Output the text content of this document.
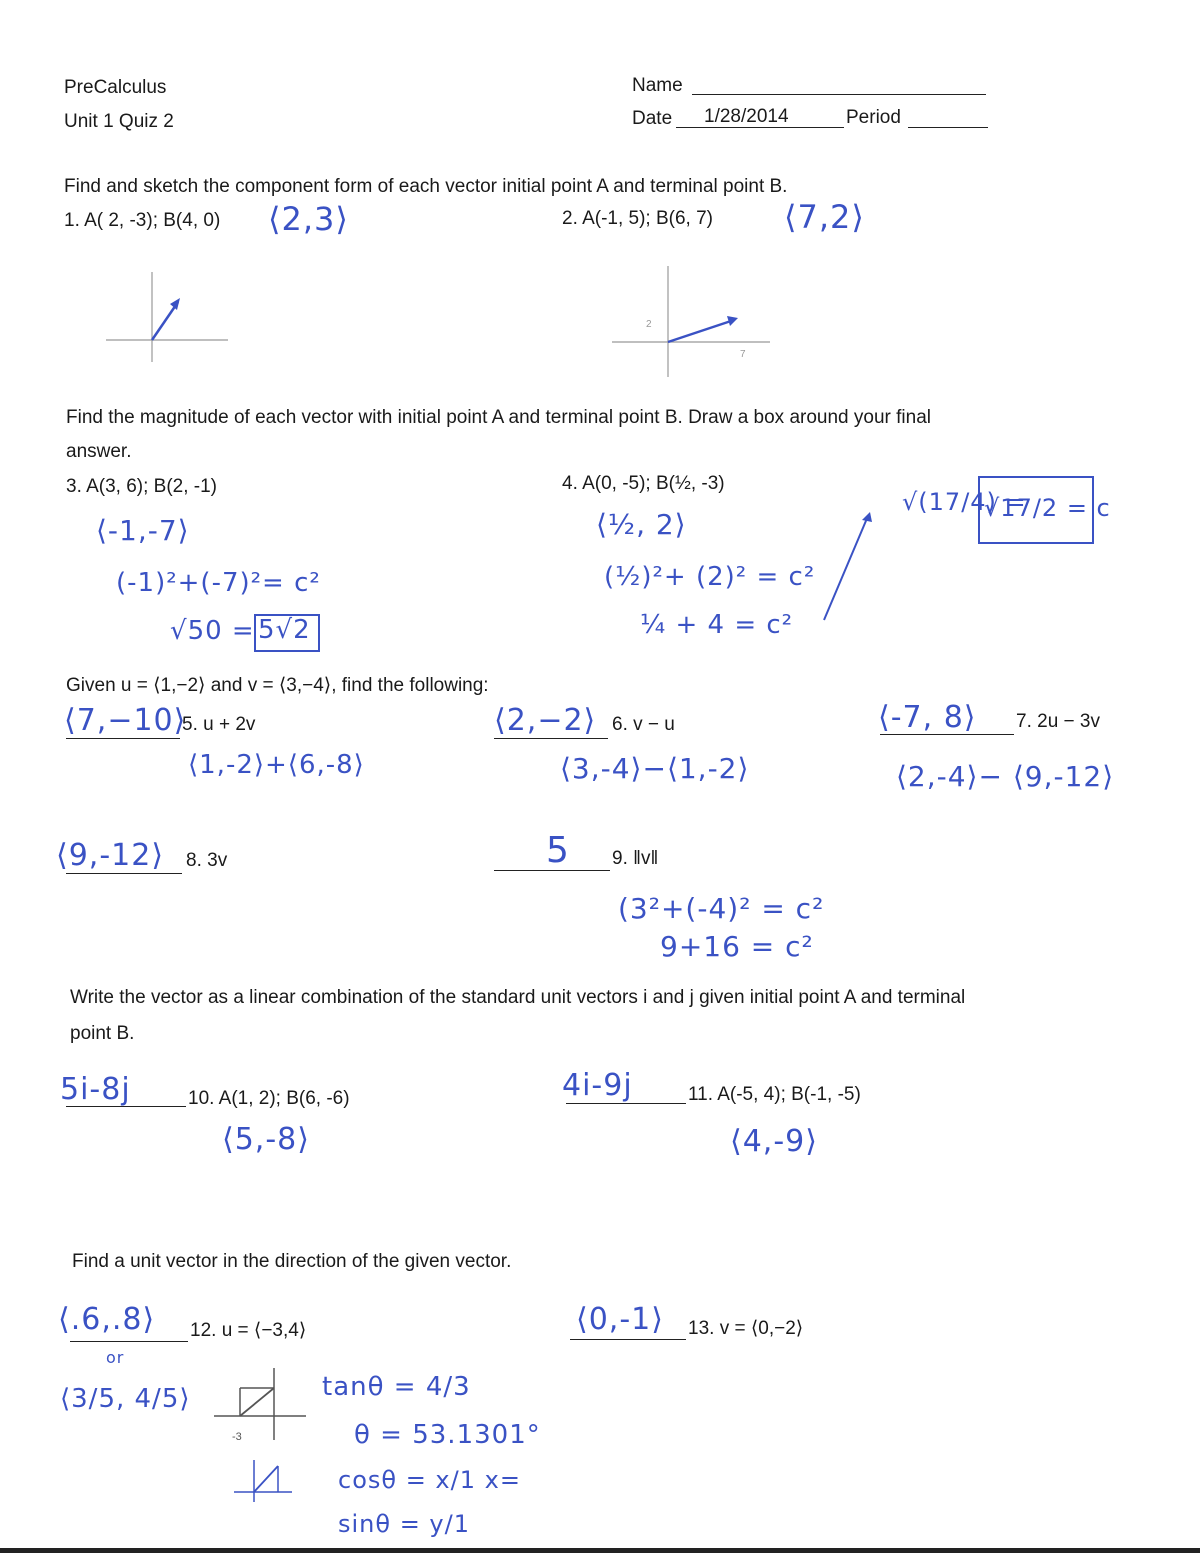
PreCalculus
Unit 1 Quiz 2
Name
Date 1/28/2014	Period
Find and sketch the component form of each vector initial point A and terminal point B.
1. A( 2, -3); B(4, 0) ⟨2,3⟩	2. A(-1, 5); B(6, 7) ⟨7,2⟩
2
7
Find the magnitude of each vector with initial point A and terminal point B. Draw a box around your final
answer.
3. A(3, 6); B(2, -1)	4. A(0, -5); B(½, -3)
⟨-1,-7⟩
(-1)²+(-7)²= c²
√50 = 5√2
⟨½, 2⟩
(½)²+ (2)² = c²
¼ + 4 = c²
√(17/4) =
√17/2 = c
Given u = ⟨1,−2⟩ and v = ⟨3,−4⟩, find the following:
⟨7,−10⟩
5. u + 2v
⟨1,-2⟩+⟨6,-8⟩
⟨2,−2⟩ 6. v − u
⟨3,-4⟩−⟨1,-2⟩
⟨-7, 8⟩ 7. 2u − 3v
⟨2,-4⟩− ⟨9,-12⟩
⟨9,-12⟩ 8. 3v	5 9. ‖v‖
(3²+(-4)² = c²
9+16 = c²
Write the vector as a linear combination of the standard unit vectors i and j given initial point A and terminal
point B.
5i-8j	10. A(1, 2); B(6, -6)
⟨5,-8⟩
4i-9j	11. A(-5, 4); B(-1, -5)
⟨4,-9⟩
Find a unit vector in the direction of the given vector.
⟨.6,.8⟩ 12. u = ⟨−3,4⟩
or
⟨3/5, 4/5⟩
-3
tanθ = 4/3
θ = 53.1301°
cosθ = x/1 x=
sinθ = y/1
⟨0,-1⟩ 13. v = ⟨0,−2⟩
